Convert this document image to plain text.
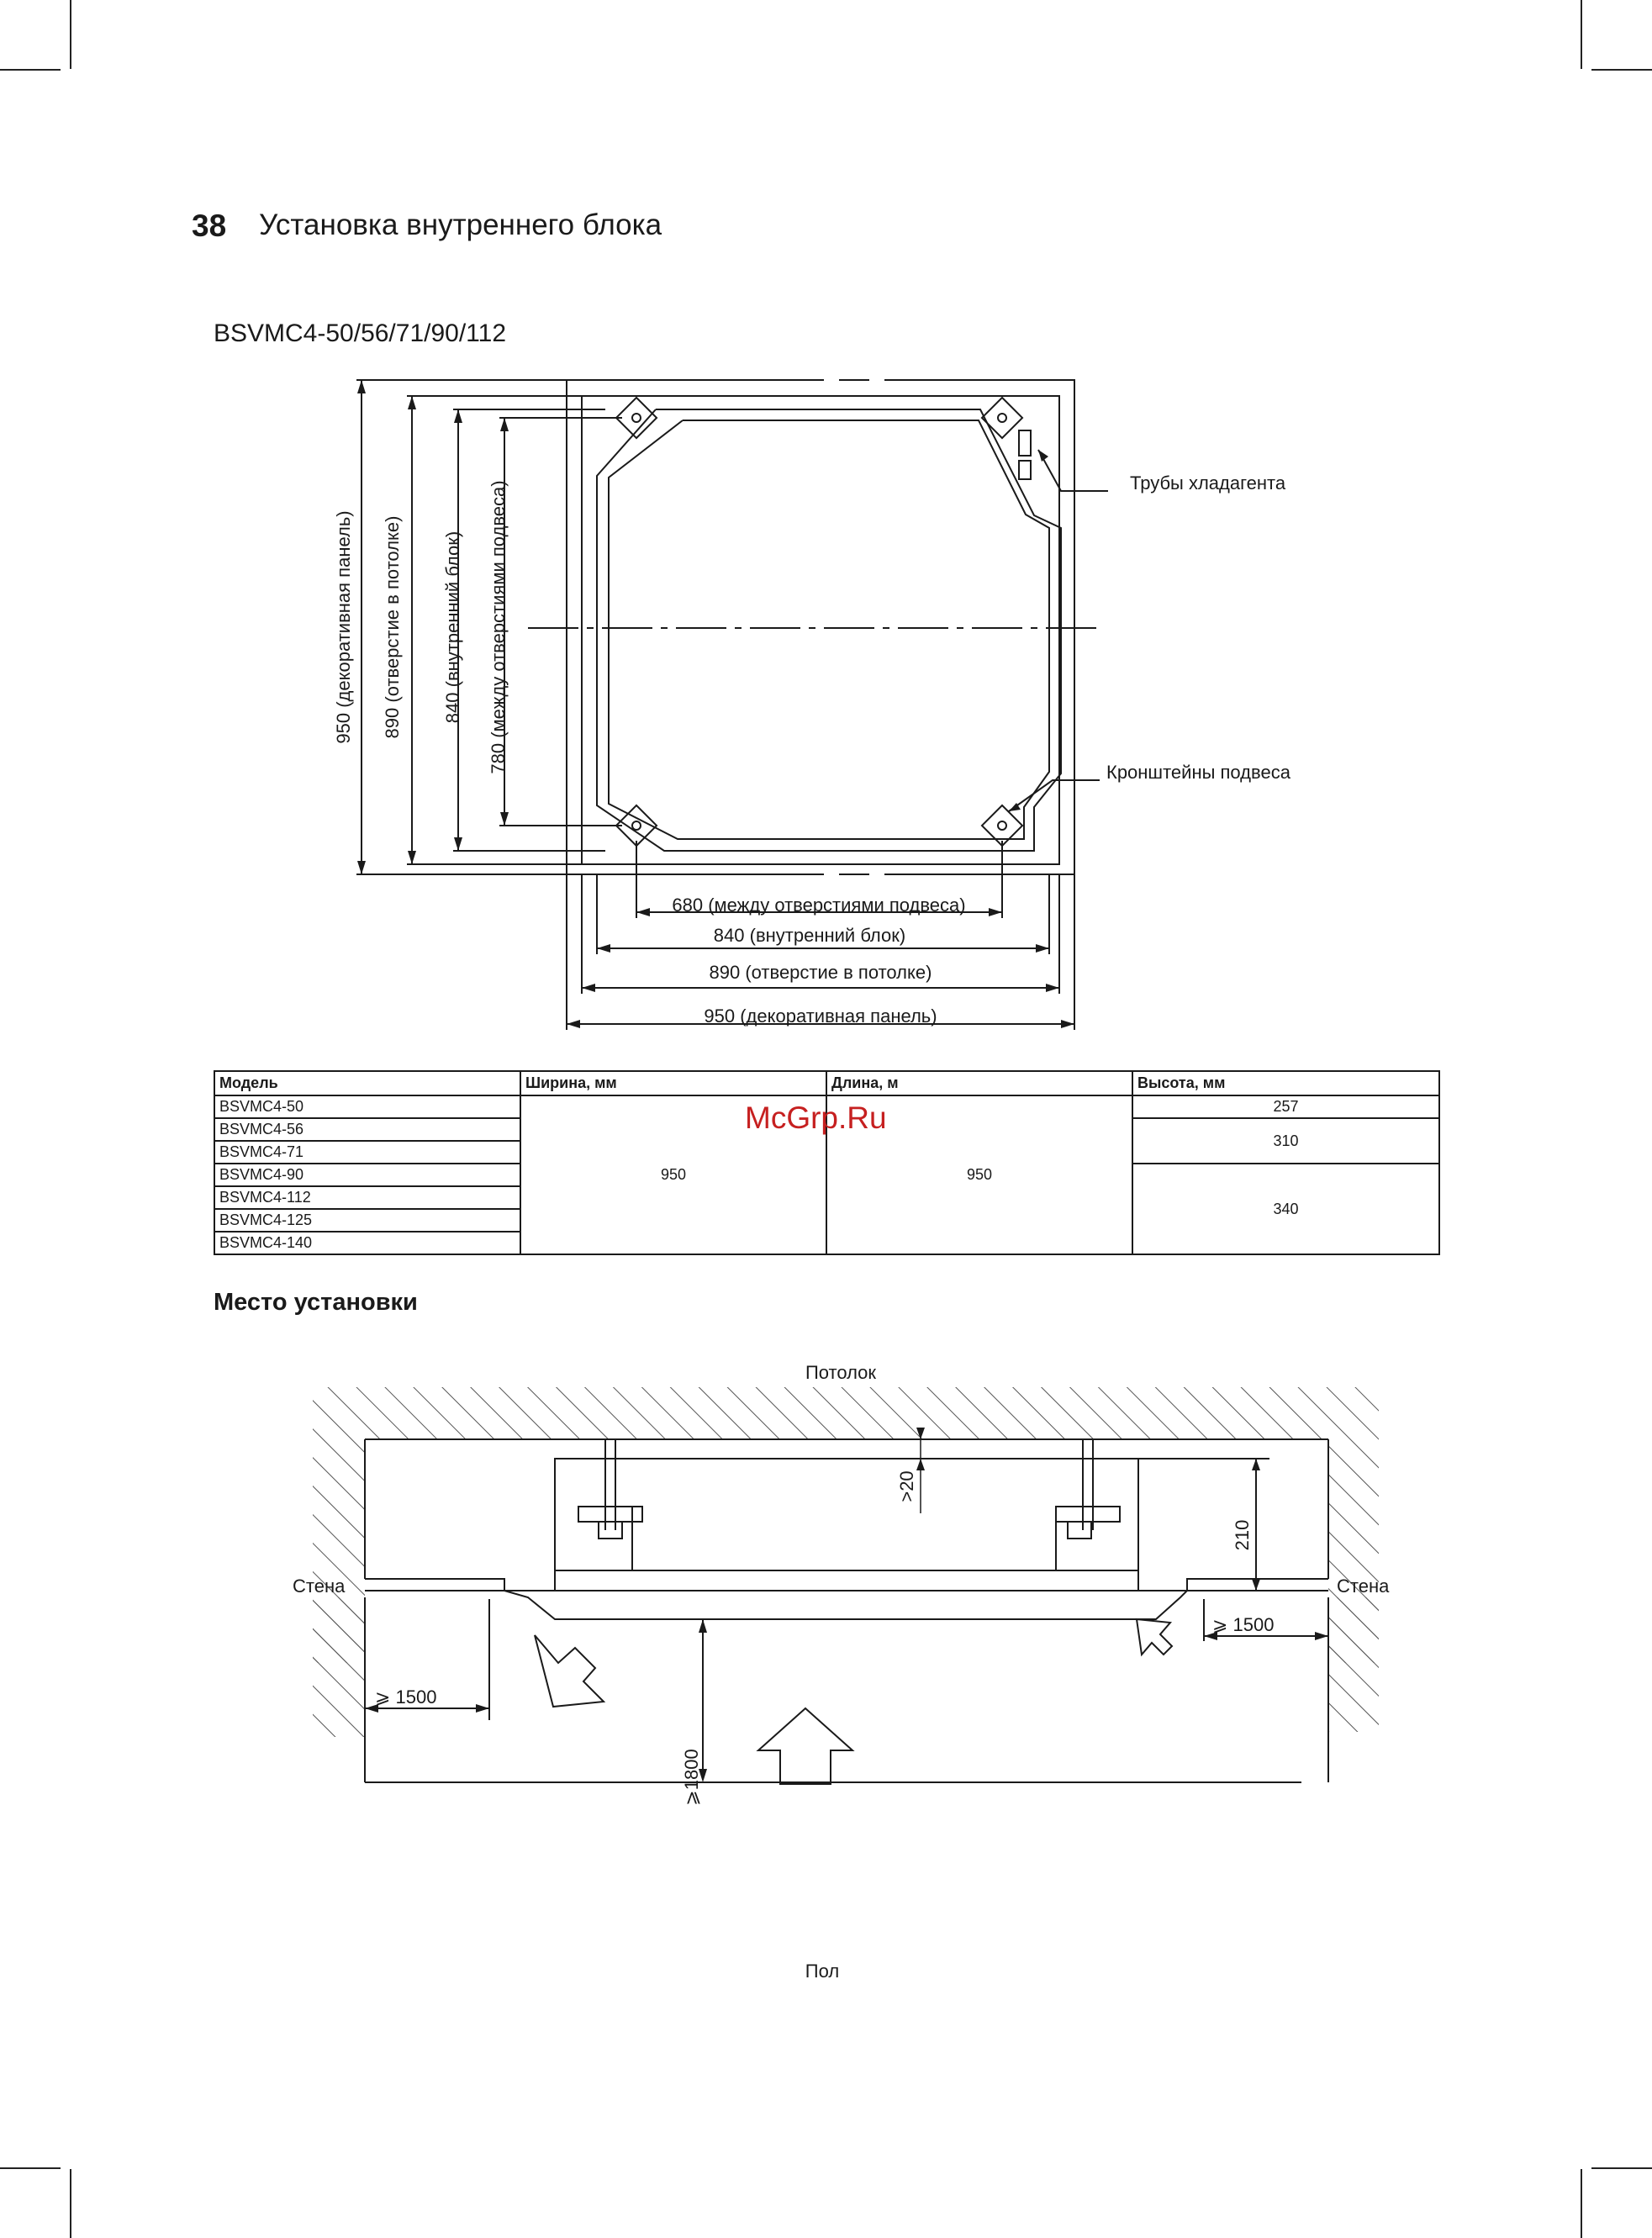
38 Установка внутреннего блока
BSVMC4-50/56/71/90/112
950 (декоративная панель) 890 (отверстие в потолке) 840 (внутренний блок) 780 (между отверстиями подвеса)
680 (между отверстиями подвеса)
840 (внутренний блок)
890 (отверстие в потолке)
950 (декоративная панель)
Трубы хладагента
Кронштейны подвеса
Модель	Ширина, мм	Длина, м	Высота, мм
BSVMC4-50	950	950	257
BSVMC4-56			310
BSVMC4-71			
BSVMC4-90			340
BSVMC4-112			
BSVMC4-125			
BSVMC4-140			
McGrp.Ru
Место установки
Потолок
Пол
Стена	Стена
>20
210
⩾ 1500
⩾ 1500
⩾1800
